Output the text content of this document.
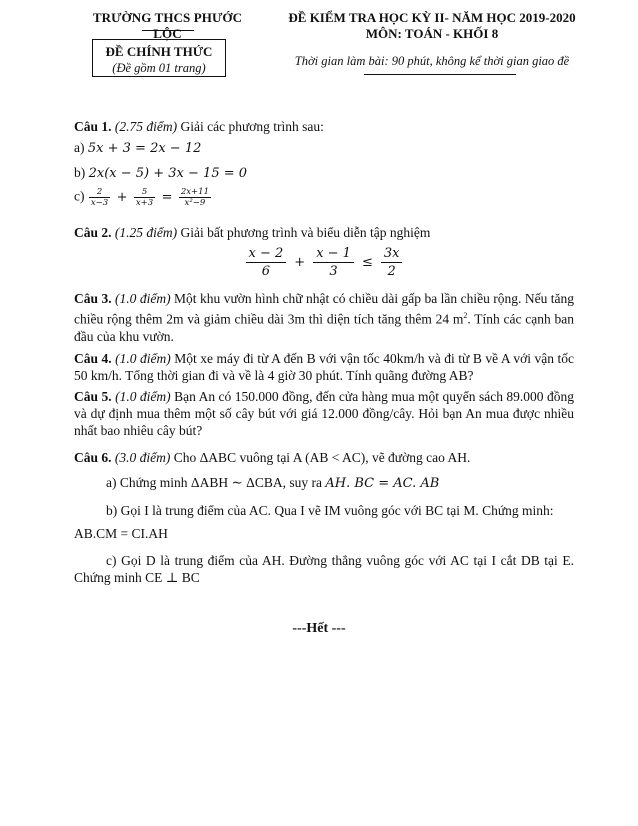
TRƯỜNG THCS PHƯỚC LỘC
ĐỀ CHÍNH THỨC
(Đề gồm 01 trang)
ĐỀ KIỂM TRA HỌC KỲ II- NĂM HỌC 2019-2020
MÔN: TOÁN - KHỐI 8
Thời gian làm bài: 90 phút, không kể thời gian giao đề
Câu 1. (2.75 điểm) Giải các phương trình sau:
a) 5x + 3 = 2x − 12
b) 2x(x − 5) + 3x − 15 = 0
$c) \frac{2}{x-3} + \frac{5}{x+3} = \frac{2x+11}{\text{x²−9}}$
Câu 2. (1.25 điểm) Giải bất phương trình và biểu diễn tập nghiệm
$\frac{x - 2}{6} + \frac{x - 1}{3} \le \frac{3x}{2}$
Câu 3. (1.0 điểm) Một khu vườn hình chữ nhật có chiều dài gấp ba lần chiều rộng. Nếu tăng chiều rộng thêm 2m và giảm chiều dài 3m thì diện tích tăng thêm 24 $m^2$. Tính các cạnh ban đầu của khu vườn.
Câu 4. (1.0 điểm) Một xe máy đi từ A đến B với vận tốc 40km/h và đi từ B về A với vận tốc 50 km/h. Tổng thời gian đi và về là 4 giờ 30 phút. Tính quãng đường AB?
Câu 5. (1.0 điểm) Bạn An có 150.000 đồng, đến cửa hàng mua một quyển sách 89.000 đồng và dự định mua thêm một số cây bút với giá 12.000 đồng/cây. Hỏi bạn An mua được nhiều nhất bao nhiêu cây bút?
Câu 6. (3.0 điểm) Cho ΔABC vuông tại A (AB < AC), vẽ đường cao AH.
a) Chứng minh ΔABH ∼ ΔCBA, suy ra AH. BC = AC. AB
b) Gọi I là trung điểm của AC. Qua I vẽ IM vuông góc với BC tại M. Chứng minh:
AB.CM = CI.AH
c) Gọi D là trung điểm của AH. Đường thẳng vuông góc với AC tại I cắt DB tại E. Chứng minh CE ⊥ BC
---Hết ---
